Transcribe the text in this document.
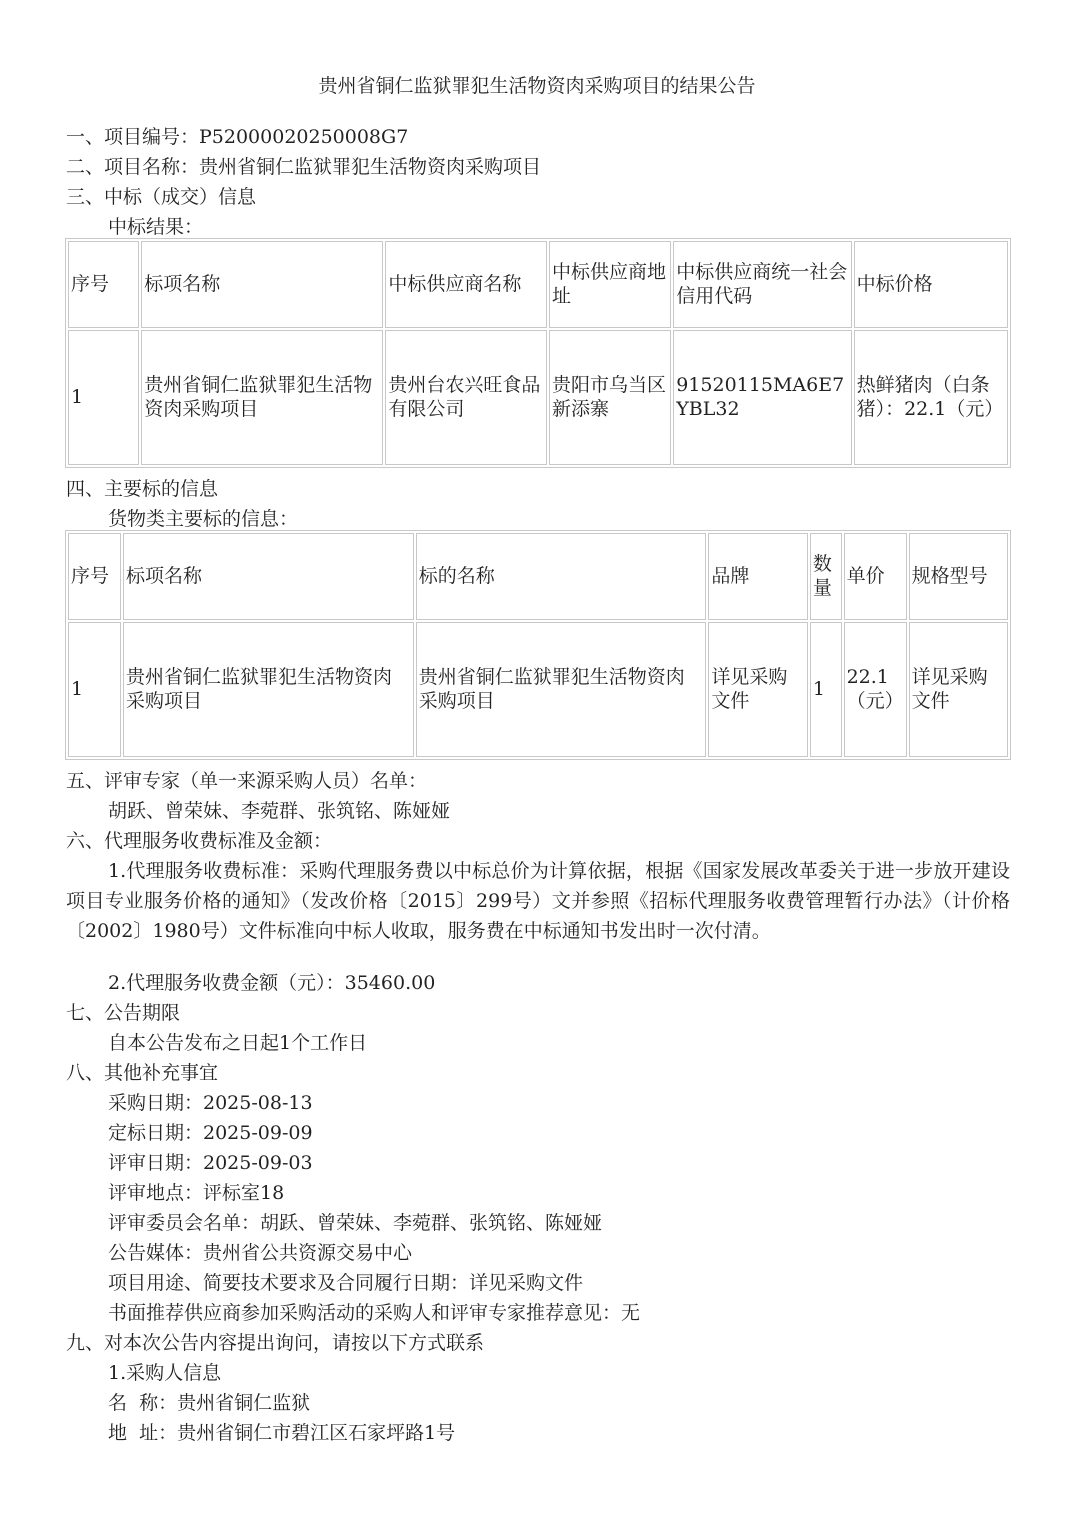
贵州省铜仁监狱罪犯生活物资肉采购项目的结果公告
一、项目编号：P52000020250008G7
二、项目名称：贵州省铜仁监狱罪犯生活物资肉采购项目
三、中标（成交）信息
中标结果：
序号	标项名称	中标供应商名称	中标供应商地址	中标供应商统一社会信用代码	中标价格
1	贵州省铜仁监狱罪犯生活物资肉采购项目	贵州台农兴旺食品有限公司	贵阳市乌当区新添寨	91520115MA6E7YBL32	热鲜猪肉（白条猪）：22.1（元）
四、主要标的信息
货物类主要标的信息：
序号	标项名称	标的名称	品牌	数量	单价	规格型号
1	贵州省铜仁监狱罪犯生活物资肉采购项目	贵州省铜仁监狱罪犯生活物资肉采购项目	详见采购文件	1	22.1（元）	详见采购文件
五、评审专家（单一来源采购人员）名单：
胡跃、曾荣妹、李菀群、张筑铭、陈娅娅
六、代理服务收费标准及金额：
1.代理服务收费标准：采购代理服务费以中标总价为计算依据，根据《国家发展改革委关于进一步放开建设项目专业服务价格的通知》（发改价格〔2015〕299号）文并参照《招标代理服务收费管理暂行办法》（计价格〔2002〕1980号）文件标准向中标人收取，服务费在中标通知书发出时一次付清。
2.代理服务收费金额（元）：35460.00
七、公告期限
自本公告发布之日起1个工作日
八、其他补充事宜
采购日期：2025-08-13
定标日期：2025-09-09
评审日期：2025-09-03
评审地点：评标室18
评审委员会名单：胡跃、曾荣妹、李菀群、张筑铭、陈娅娅
公告媒体：贵州省公共资源交易中心
项目用途、简要技术要求及合同履行日期：详见采购文件
书面推荐供应商参加采购活动的采购人和评审专家推荐意见：无
九、对本次公告内容提出询问，请按以下方式联系
1.采购人信息
名  称：贵州省铜仁监狱
地  址：贵州省铜仁市碧江区石家坪路1号
